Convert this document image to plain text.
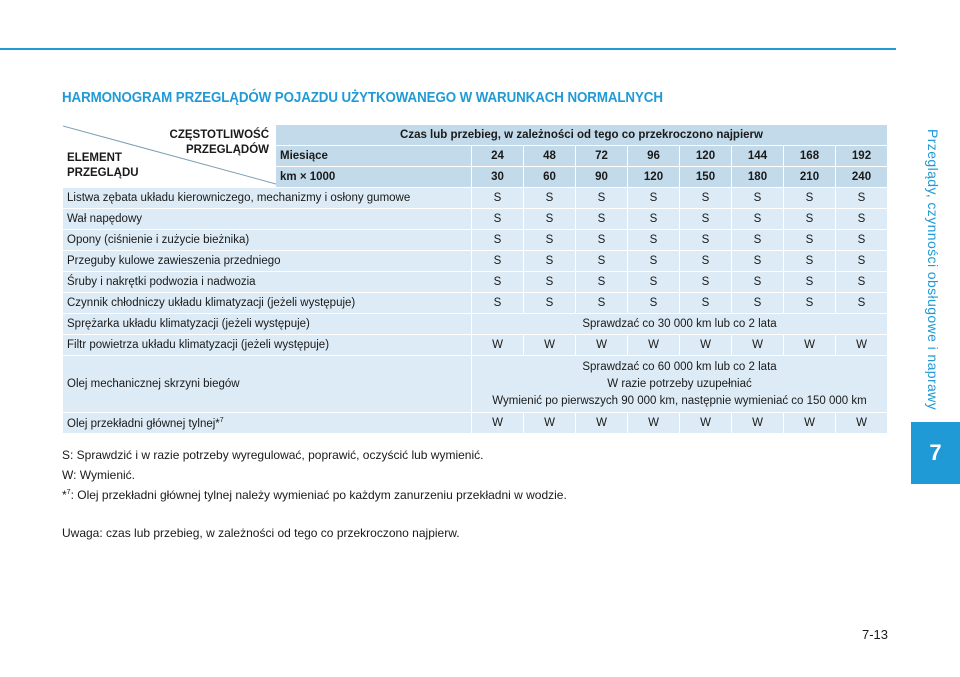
Przeglądy, czynności obsługowe i naprawy
7
HARMONOGRAM PRZEGLĄDÓW POJAZDU UŻYTKOWANEGO W WARUNKACH NORMALNYCH
CZĘSTOTLIWOŚĆ
PRZEGLĄDÓW
ELEMENT
PRZEGLĄDU	Czas lub przebieg, w zależności od tego co przekroczono najpierw								
	Miesiące	24	48	72	96	120	144	168	192
	km × 1000	30	60	90	120	150	180	210	240
Listwa zębata układu kierowniczego, mechanizmy i osłony gumowe		S	S	S	S	S	S	S	S
Wał napędowy		S	S	S	S	S	S	S	S
Opony (ciśnienie i zużycie bieżnika)		S	S	S	S	S	S	S	S
Przeguby kulowe zawieszenia przedniego		S	S	S	S	S	S	S	S
Śruby i nakrętki podwozia i nadwozia		S	S	S	S	S	S	S	S
Czynnik chłodniczy układu klimatyzacji (jeżeli występuje)		S	S	S	S	S	S	S	S
Sprężarka układu klimatyzacji (jeżeli występuje)		Sprawdzać co 30 000 km lub co 2 lata							
Filtr powietrza układu klimatyzacji (jeżeli występuje)		W	W	W	W	W	W	W	W
Olej mechanicznej skrzyni biegów		Sprawdzać co 60 000 km lub co 2 lata
W razie potrzeby uzupełniać
Wymienić po pierwszych 90 000 km, następnie wymieniać co 150 000 km							

Olej przekładni głównej tylnej*$^7$		W	W	W	W	W	W	W	W
S: Sprawdzić i w razie potrzeby wyregulować, poprawić, oczyścić lub wymienić.
W: Wymienić.
*$^7$: Olej przekładni głównej tylnej należy wymieniać po każdym zanurzeniu przekładni w wodzie.
Uwaga: czas lub przebieg, w zależności od tego co przekroczono najpierw.
7-13
